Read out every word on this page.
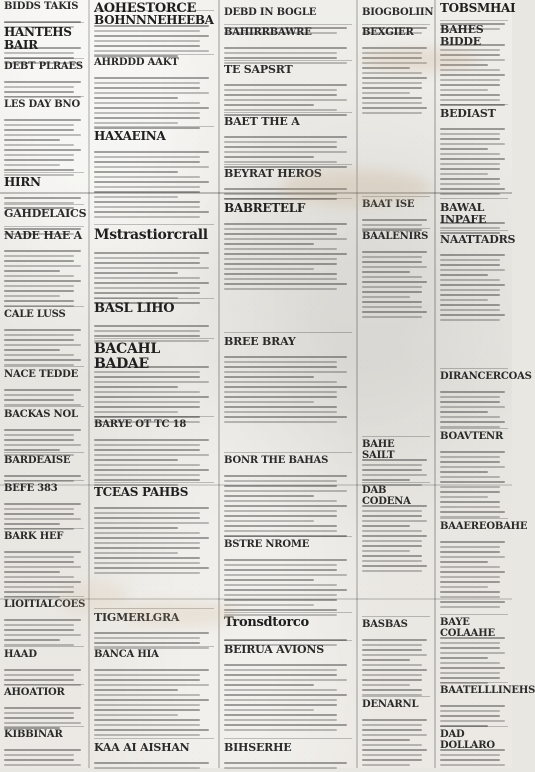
BIDDS TAKIS
HANTEHS BAIR
DEBT PLRAES
LES DAY BNO
HIRN
GAHDELAICS
NADE HAE A
CALE LUSS
NACE TEDDE
BACKAS NOL
BARDEAISE
BEFE 383
BARK HEF
LIOITIALCOES
HAAD
AHOATIOR
KIBBINAR
AOHESTORCE
BOHNNNEHEEBA
AHRDDD AAKT
HAXAEINA
Mstrastiorcrall
BASL LIHO
BACAHL BADAE
BARYE OT TC 18
TCEAS PAHBS
TIGMERLGRA
BANCA HIA
KAA AI AISHAN
DEBD IN BOGLE
BAHIRRBAWRE
TE SAPSRT
BAET THE A
BEYRAT HEROS
BABRETELF
BREE BRAY
BONR THE BAHAS
BSTRE NROME
Tronsdtorco
BEIRUA AVIONS
BIHSERHE
BIOGBOLIIN
BEXGIER
BAAT ISE
BAALENIRS
BAHE SAILT
DAB CODENA
BASBAS
DENARNL
TOBSMHAI
BAHES BIDDE
BEDIAST
BAWAL INPAFE
NAATTADRS
DIRANCERCOAS
BOAVTENR
BAAEREOBAHE
BAYE COLAAHE
BAATELLLINEHS
DAD DOLLARO
